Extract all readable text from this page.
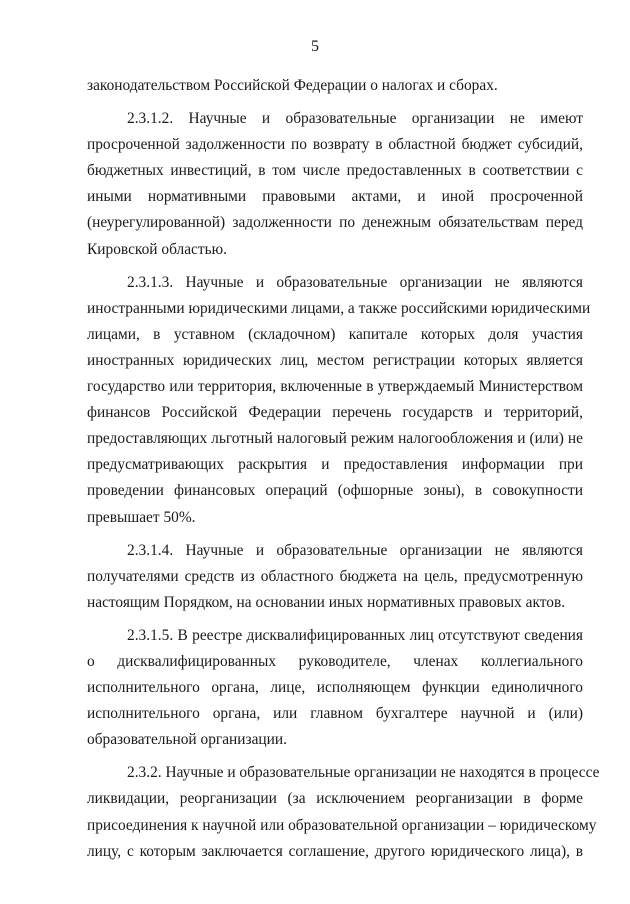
5
законодательством Российской Федерации о налогах и сборах.
2.3.1.2. Научные и образовательные организации не имеют
просроченной задолженности по возврату в областной бюджет субсидий,
бюджетных инвестиций, в том числе предоставленных в соответствии с
иными нормативными правовыми актами, и иной просроченной
(неурегулированной) задолженности по денежным обязательствам перед
Кировской областью.
2.3.1.3. Научные и образовательные организации не являются
иностранными юридическими лицами, а также российскими юридическими
лицами, в уставном (складочном) капитале которых доля участия
иностранных юридических лиц, местом регистрации которых является
государство или территория, включенные в утверждаемый Министерством
финансов Российской Федерации перечень государств и территорий,
предоставляющих льготный налоговый режим налогообложения и (или) не
предусматривающих раскрытия и предоставления информации при
проведении финансовых операций (офшорные зоны), в совокупности
превышает 50%.
2.3.1.4. Научные и образовательные организации не являются
получателями средств из областного бюджета на цель, предусмотренную
настоящим Порядком, на основании иных нормативных правовых актов.
2.3.1.5. В реестре дисквалифицированных лиц отсутствуют сведения
о дисквалифицированных руководителе, членах коллегиального
исполнительного органа, лице, исполняющем функции единоличного
исполнительного органа, или главном бухгалтере научной и (или)
образовательной организации.
2.3.2. Научные и образовательные организации не находятся в процессе
ликвидации, реорганизации (за исключением реорганизации в форме
присоединения к научной или образовательной организации – юридическому
лицу, с которым заключается соглашение, другого юридического лица), в
